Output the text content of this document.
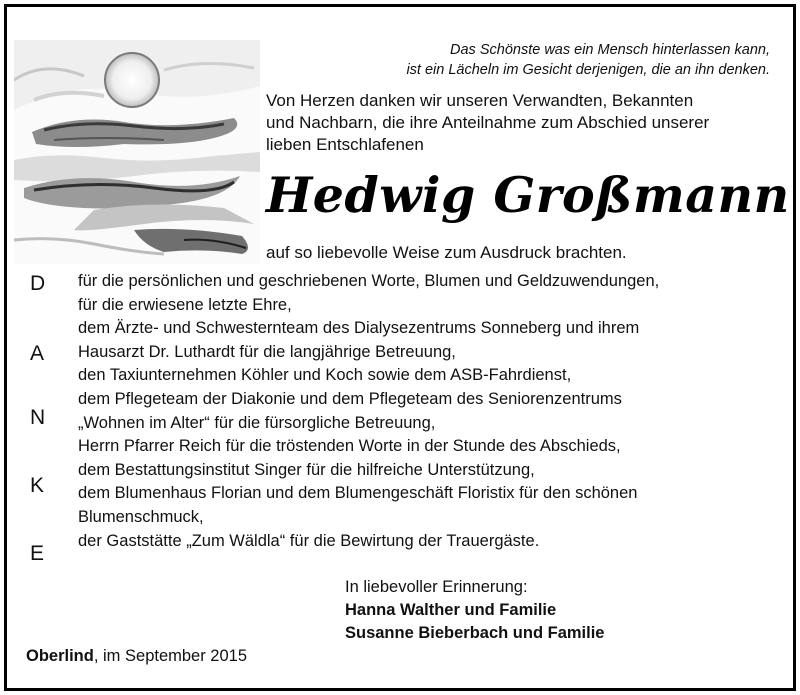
Das Schönste was ein Mensch hinterlassen kann,
ist ein Lächeln im Gesicht derjenigen, die an ihn denken.
Von Herzen danken wir unseren Verwandten, Bekannten
und Nachbarn, die ihre Anteilnahme zum Abschied unserer
lieben Entschlafenen
Hedwig Großmann
auf so liebevolle Weise zum Ausdruck brachten.
D
A
N
K
E
für die persönlichen und geschriebenen Worte, Blumen und Geldzuwendungen,
für die erwiesene letzte Ehre,
dem Ärzte- und Schwesternteam des Dialysezentrums Sonneberg und ihrem
Hausarzt Dr. Luthardt für die langjährige Betreuung,
den Taxiunternehmen Köhler und Koch sowie dem ASB-Fahrdienst,
dem Pflegeteam der Diakonie und dem Pflegeteam des Seniorenzentrums
„Wohnen im Alter“ für die fürsorgliche Betreuung,
Herrn Pfarrer Reich für die tröstenden Worte in der Stunde des Abschieds,
dem Bestattungsinstitut Singer für die hilfreiche Unterstützung,
dem Blumenhaus Florian und dem Blumengeschäft Floristix für den schönen
Blumenschmuck,
der Gaststätte „Zum Wäldla“ für die Bewirtung der Trauergäste.
In liebevoller Erinnerung:
Hanna Walther und Familie
Susanne Bieberbach und Familie
Oberlind, im September 2015
